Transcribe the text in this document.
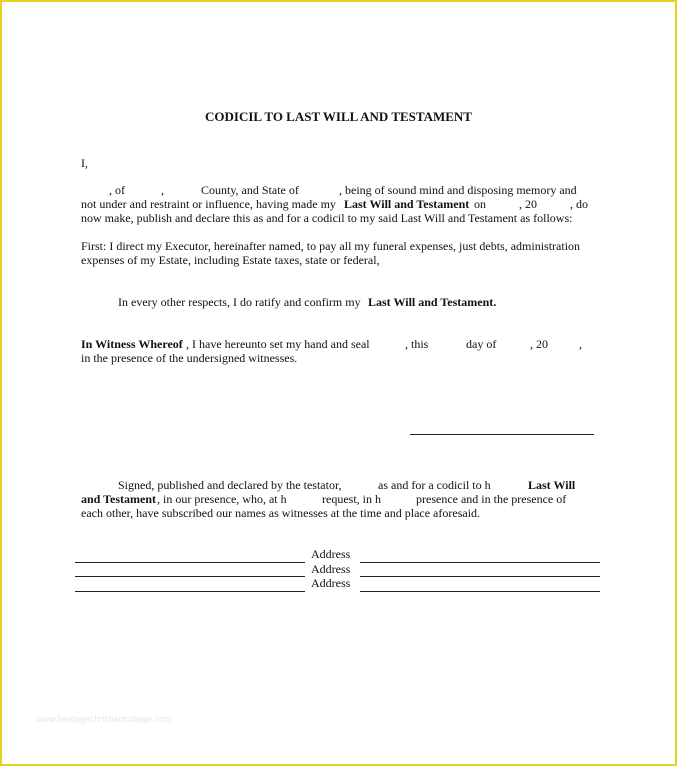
CODICIL TO LAST WILL AND TESTAMENT
I,
, of	,	County, and State of	, being of sound mind and disposing memory and
not under and restraint or influence, having made my Last Will and Testament on	, 20	, do
now make, publish and declare this as and for a codicil to my said Last Will and Testament as follows:
First: I direct my Executor, hereinafter named, to pay all my funeral expenses, just debts, administration
expenses of my Estate, including Estate taxes, state or federal,
In every other respects, I do ratify and confirm my Last Will and Testament.
In Witness Whereof , I have hereunto set my hand and seal	, this	day of	, 20	,
in the presence of the undersigned witnesses.
Signed, published and declared by the testator,	as and for a codicil to h	Last Will
and Testament , in our presence, who, at h	request, in h	presence and in the presence of
each other, have subscribed our names as witnesses at the time and place aforesaid.
Address
Address
Address
www.heritagechristiancollege.com
